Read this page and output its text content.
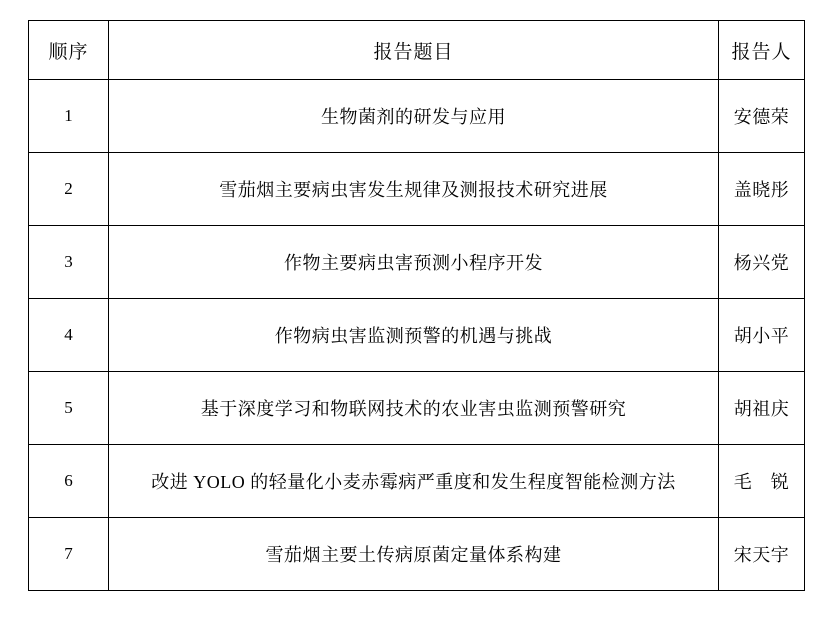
顺序	报告题目	报告人
1	生物菌剂的研发与应用	安德荣
2	雪茄烟主要病虫害发生规律及测报技术研究进展	盖晓彤
3	作物主要病虫害预测小程序开发	杨兴党
4	作物病虫害监测预警的机遇与挑战	胡小平
5	基于深度学习和物联网技术的农业害虫监测预警研究	胡祖庆
6	改进 YOLO 的轻量化小麦赤霉病严重度和发生程度智能检测方法	毛　锐
7	雪茄烟主要土传病原菌定量体系构建	宋天宇
